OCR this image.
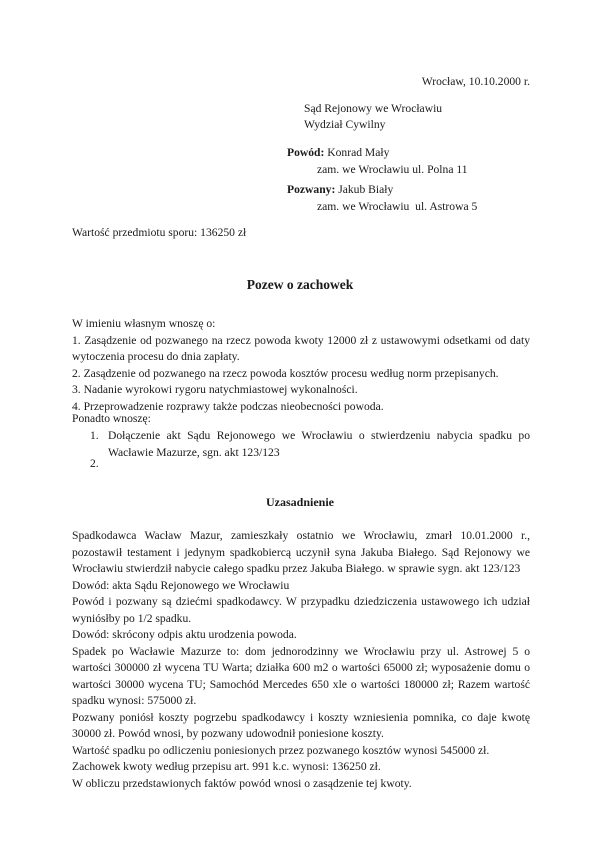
Wrocław, 10.10.2000 r.
Sąd Rejonowy we Wrocławiu
Wydział Cywilny
Powód: Konrad Mały
zam. we Wrocławiu ul. Polna 11
Pozwany: Jakub Biały
zam. we Wrocławiu  ul. Astrowa 5
Wartość przedmiotu sporu: 136250 zł
Pozew o zachowek

W imieniu własnym wnoszę o:

1. Zasądzenie od pozwanego na rzecz powoda kwoty 12000 zł z ustawowymi odsetkami od daty wytoczenia procesu do dnia zapłaty.

2. Zasądzenie od pozwanego na rzecz powoda kosztów procesu według norm przepisanych.

3. Nadanie wyrokowi rygoru natychmiastowej wykonalności.

4. Przeprowadzenie rozprawy także podczas nieobecności powoda.

Ponadto wnoszę:
1. Dołączenie akt Sądu Rejonowego we Wrocławiu o stwierdzeniu nabycia spadku po Wacławie Mazurze, sgn. akt 123/123
2.
Uzasadnienie

Spadkodawca Wacław Mazur, zamieszkały ostatnio we Wrocławiu, zmarł 10.01.2000 r., pozostawił testament i jedynym spadkobiercą uczynił syna Jakuba Białego. Sąd Rejonowy we Wrocławiu stwierdził nabycie całego spadku przez Jakuba Białego. w sprawie sygn. akt 123/123

Dowód: akta Sądu Rejonowego we Wrocławiu

Powód i pozwany są dziećmi spadkodawcy. W przypadku dziedziczenia ustawowego ich udział wyniósłby po 1/2 spadku.

Dowód: skrócony odpis aktu urodzenia powoda.

Spadek po Wacławie Mazurze to: dom jednorodzinny we Wrocławiu przy ul. Astrowej 5 o wartości 300000 zł wycena TU Warta; działka 600 m2 o wartości 65000 zł; wyposażenie domu o wartości 30000 wycena TU; Samochód Mercedes 650 xle o wartości 180000 zł; Razem wartość spadku wynosi: 575000 zł.

Pozwany poniósł koszty pogrzebu spadkodawcy i koszty wzniesienia pomnika, co daje kwotę 30000 zł. Powód wnosi, by pozwany udowodnił poniesione koszty.

Wartość spadku po odliczeniu poniesionych przez pozwanego kosztów wynosi 545000 zł.

Zachowek kwoty według przepisu art. 991 k.c. wynosi: 136250 zł.

W obliczu przedstawionych faktów powód wnosi o zasądzenie tej kwoty.
